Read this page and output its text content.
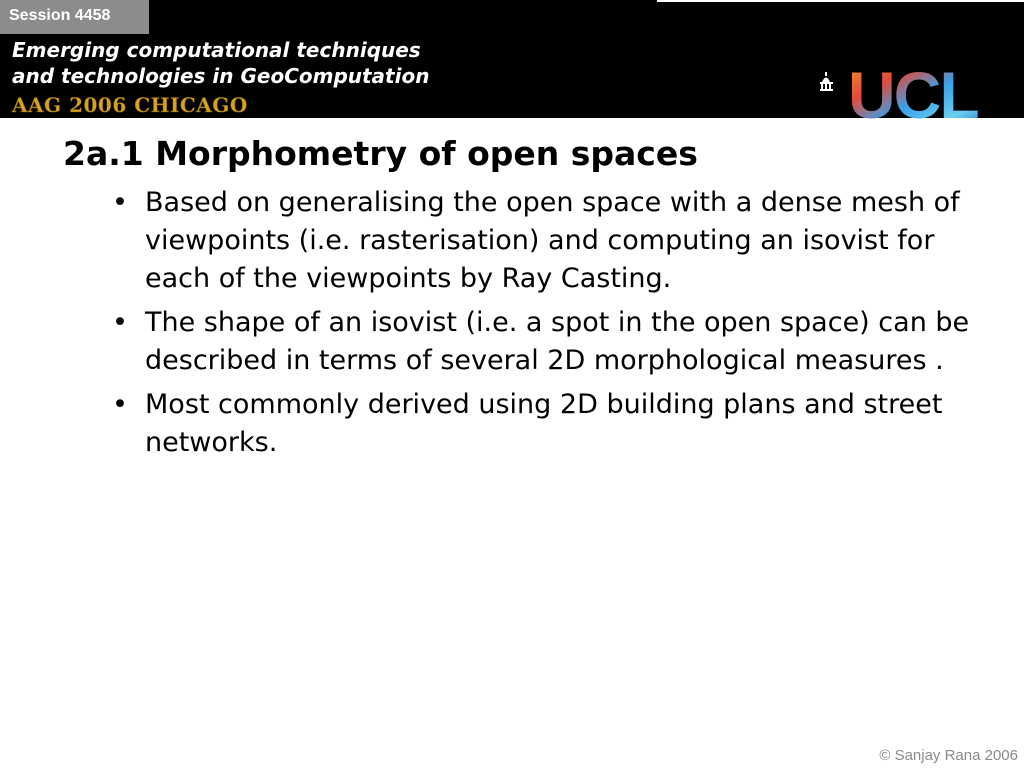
Session 4458
Emerging computational techniques
and technologies in GeoComputation
AAG 2006 CHICAGO	UCL
2a.1 Morphometry of open spaces
• Based on generalising the open space with a dense mesh of viewpoints (i.e. rasterisation) and computing an isovist for each of the viewpoints by Ray Casting.
• The shape of an isovist (i.e. a spot in the open space) can be described in terms of several 2D morphological measures .
• Most commonly derived using 2D building plans and street networks.
© Sanjay Rana 2006
